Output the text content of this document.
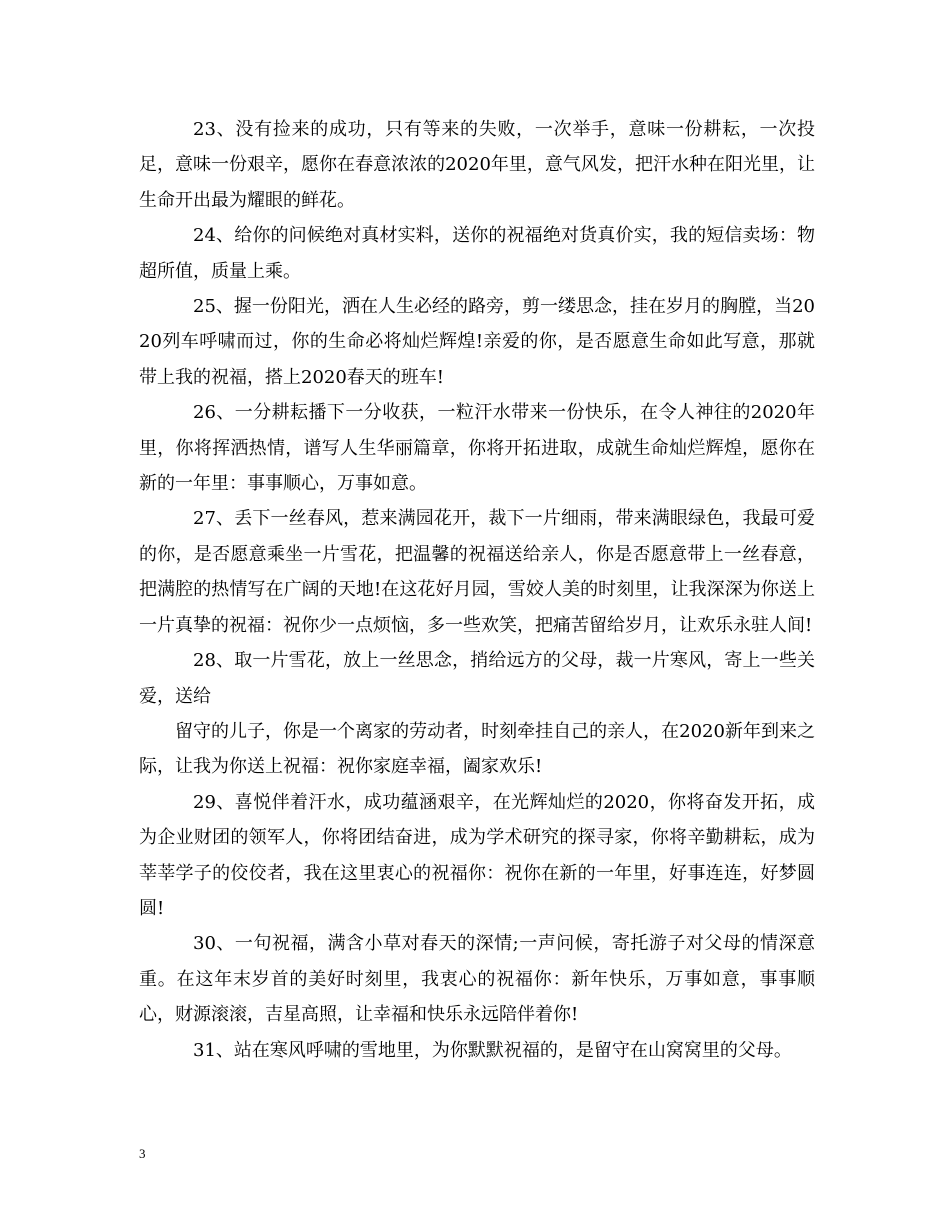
23、没有捡来的成功，只有等来的失败，一次举手，意味一份耕耘，一次投足，意味一份艰辛，愿你在春意浓浓的2020年里，意气风发，把汗水种在阳光里，让生命开出最为耀眼的鲜花。

24、给你的问候绝对真材实料，送你的祝福绝对货真价实，我的短信卖场：物超所值，质量上乘。

25、握一份阳光，洒在人生必经的路旁，剪一缕思念，挂在岁月的胸膛，当2020列车呼啸而过，你的生命必将灿烂辉煌!亲爱的你，是否愿意生命如此写意，那就带上我的祝福，搭上2020春天的班车!

26、一分耕耘播下一分收获，一粒汗水带来一份快乐，在令人神往的2020年里，你将挥洒热情，谱写人生华丽篇章，你将开拓进取，成就生命灿烂辉煌，愿你在新的一年里：事事顺心，万事如意。

27、丢下一丝春风，惹来满园花开，裁下一片细雨，带来满眼绿色，我最可爱的你，是否愿意乘坐一片雪花，把温馨的祝福送给亲人，你是否愿意带上一丝春意，把满腔的热情写在广阔的天地!在这花好月园，雪姣人美的时刻里，让我深深为你送上一片真挚的祝福：祝你少一点烦恼，多一些欢笑，把痛苦留给岁月，让欢乐永驻人间!

28、取一片雪花，放上一丝思念，捎给远方的父母，裁一片寒风，寄上一些关爱，送给

留守的儿子，你是一个离家的劳动者，时刻牵挂自己的亲人，在2020新年到来之际，让我为你送上祝福：祝你家庭幸福，阖家欢乐!

29、喜悦伴着汗水，成功蕴涵艰辛，在光辉灿烂的2020，你将奋发开拓，成为企业财团的领军人，你将团结奋进，成为学术研究的探寻家，你将辛勤耕耘，成为莘莘学子的佼佼者，我在这里衷心的祝福你：祝你在新的一年里，好事连连，好梦圆圆!

30、一句祝福，满含小草对春天的深情;一声问候，寄托游子对父母的情深意重。在这年末岁首的美好时刻里，我衷心的祝福你：新年快乐，万事如意，事事顺心，财源滚滚，吉星高照，让幸福和快乐永远陪伴着你!

31、站在寒风呼啸的雪地里，为你默默祝福的，是留守在山窝窝里的父母。

3
